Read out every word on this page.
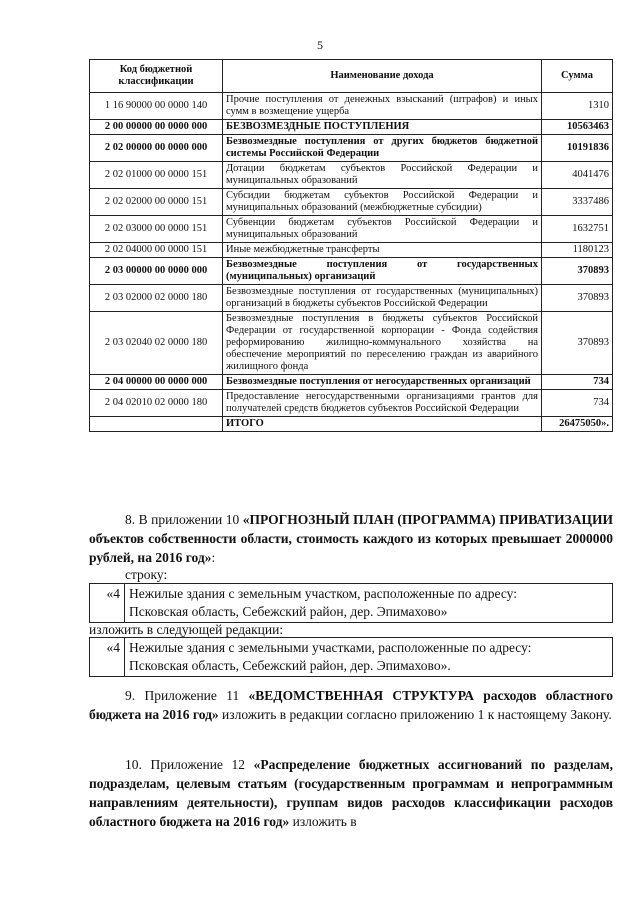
5
Код бюджетной классификации	Наименование дохода	Сумма
1 16 90000 00 0000 140	Прочие поступления от денежных взысканий (штрафов) и иных сумм в возмещение ущерба	1310
2 00 00000 00 0000 000	БЕЗВОЗМЕЗДНЫЕ ПОСТУПЛЕНИЯ	10563463
2 02 00000 00 0000 000	Безвозмездные поступления от других бюджетов бюджетной системы Российской Федерации	10191836
2 02 01000 00 0000 151	Дотации бюджетам субъектов Российской Федерации и муниципальных образований	4041476
2 02 02000 00 0000 151	Субсидии бюджетам субъектов Российской Федерации и муниципальных образований (межбюджетные субсидии)	3337486
2 02 03000 00 0000 151	Субвенции бюджетам субъектов Российской Федерации и муниципальных образований	1632751
2 02 04000 00 0000 151	Иные межбюджетные трансферты	1180123
2 03 00000 00 0000 000	Безвозмездные поступления от государственных (муниципальных) организаций	370893
2 03 02000 02 0000 180	Безвозмездные поступления от государственных (муниципальных) организаций в бюджеты субъектов Российской Федерации	370893
2 03 02040 02 0000 180	Безвозмездные поступления в бюджеты субъектов Российской Федерации от государственной корпорации - Фонда содействия реформированию жилищно-коммунального хозяйства на обеспечение мероприятий по переселению граждан из аварийного жилищного фонда	370893
2 04 00000 00 0000 000	Безвозмездные поступления от негосударственных организаций	734
2 04 02010 02 0000 180	Предоставление негосударственными организациями грантов для получателей средств бюджетов субъектов Российской Федерации	734
	ИТОГО	26475050».

8. В приложении 10 «ПРОГНОЗНЫЙ ПЛАН (ПРОГРАММА) ПРИВАТИЗАЦИИ объектов собственности области, стоимость каждого из которых превышает 2000000 рублей, на 2016 год»:

строку:

«4	Нежилые здания с земельным участком, расположенные по адресу:
Псковская область, Себежский район, дер. Эпимахово»

изложить в следующей редакции:

«4	Нежилые здания с земельными участками, расположенные по адресу:
Псковская область, Себежский район, дер. Эпимахово».

9. Приложение 11 «ВЕДОМСТВЕННАЯ СТРУКТУРА расходов областного бюджета на 2016 год» изложить в редакции согласно приложению 1 к настоящему Закону.

10. Приложение 12 «Распределение бюджетных ассигнований по разделам, подразделам, целевым статьям (государственным программам и непрограммным направлениям деятельности), группам видов расходов классификации расходов областного бюджета на 2016 год» изложить в
